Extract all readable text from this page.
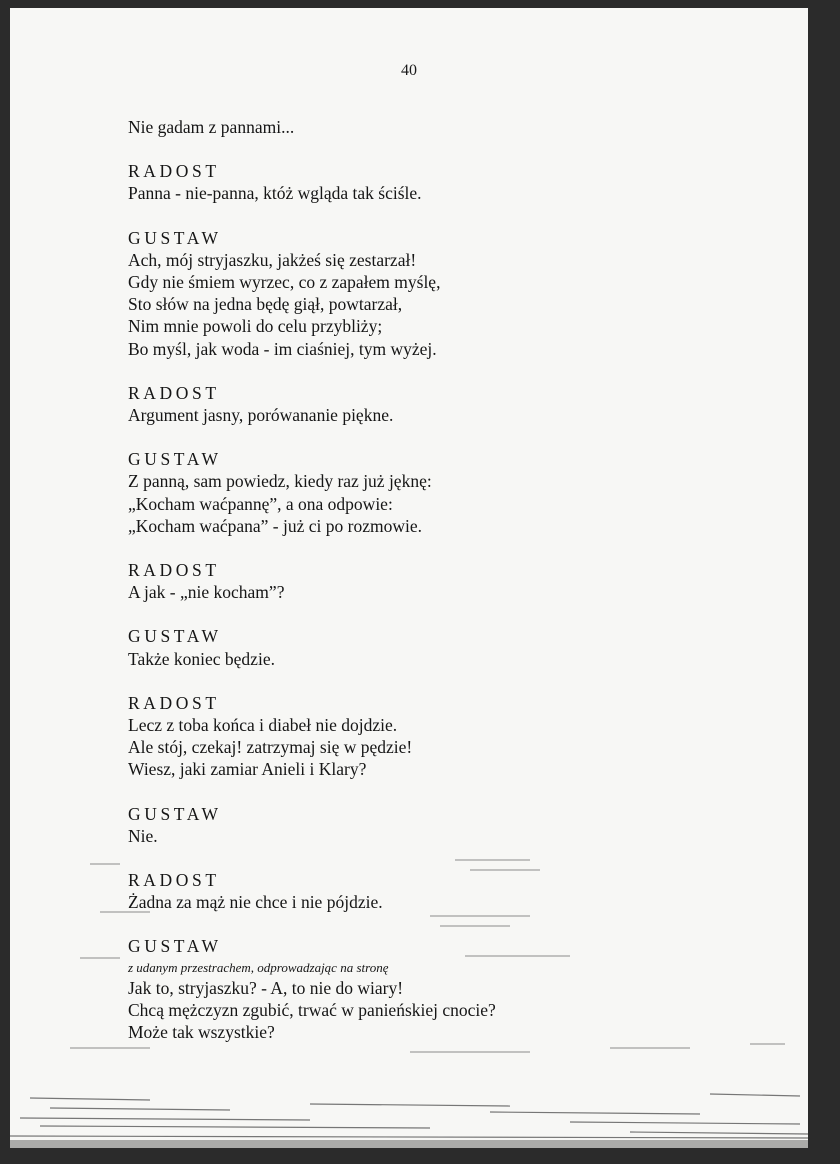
40
Nie gadam z pannami...
RADOST
Panna - nie-panna, któż wgląda tak ściśle.
GUSTAW
Ach, mój stryjaszku, jakżeś się zestarzał!
Gdy nie śmiem wyrzec, co z zapałem myślę,
Sto słów na jedna będę giął, powtarzał,
Nim mnie powoli do celu przybliży;
Bo myśl, jak woda - im ciaśniej, tym wyżej.
RADOST
Argument jasny, porówananie piękne.
GUSTAW
Z panną, sam powiedz, kiedy raz już jęknę:
„Kocham waćpannę”, a ona odpowie:
„Kocham waćpana” - już ci po rozmowie.
RADOST
A jak - „nie kocham”?
GUSTAW
Także koniec będzie.
RADOST
Lecz z toba końca i diabeł nie dojdzie.
Ale stój, czekaj! zatrzymaj się w pędzie!
Wiesz, jaki zamiar Anieli i Klary?
GUSTAW
Nie.
RADOST
Żadna za mąż nie chce i nie pójdzie.
GUSTAW
z udanym przestrachem, odprowadzając na stronę
Jak to, stryjaszku? - A, to nie do wiary!
Chcą mężczyzn zgubić, trwać w panieńskiej cnocie?
Może tak wszystkie?
